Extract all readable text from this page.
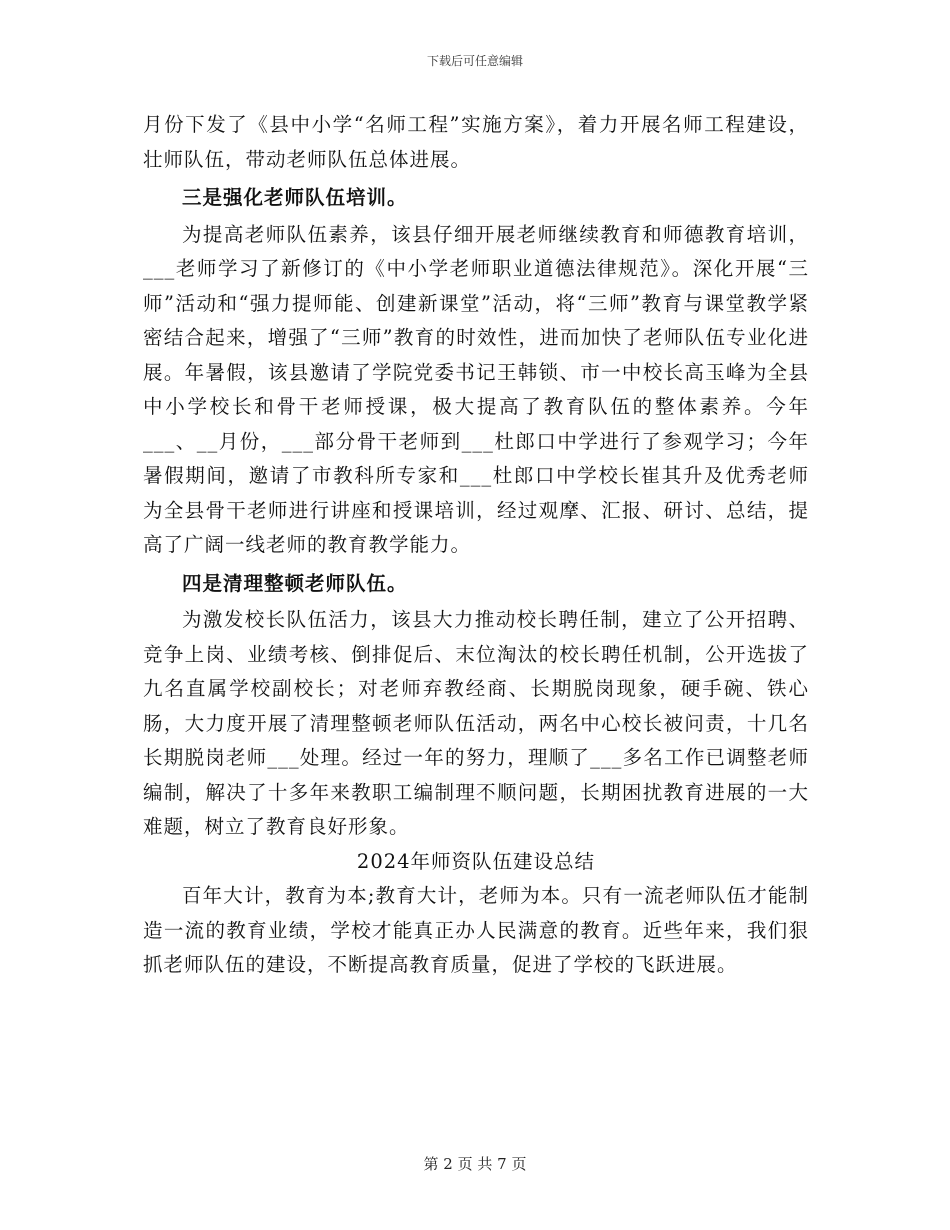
下载后可任意编辑

月份下发了《县中小学“名师工程”实施方案》，着力开展名师工程建设，壮师队伍，带动老师队伍总体进展。

三是强化老师队伍培训。

为提高老师队伍素养，该县仔细开展老师继续教育和师德教育培训，___老师学习了新修订的《中小学老师职业道德法律规范》。深化开展“三师”活动和“强力提师能、创建新课堂”活动，将“三师”教育与课堂教学紧密结合起来，增强了“三师”教育的时效性，进而加快了老师队伍专业化进展。年暑假，该县邀请了学院党委书记王韩锁、市一中校长高玉峰为全县中小学校长和骨干老师授课，极大提高了教育队伍的整体素养。今年___、__月份，___部分骨干老师到___杜郎口中学进行了参观学习；今年暑假期间，邀请了市教科所专家和___杜郎口中学校长崔其升及优秀老师为全县骨干老师进行讲座和授课培训，经过观摩、汇报、研讨、总结，提高了广阔一线老师的教育教学能力。

四是清理整顿老师队伍。

为激发校长队伍活力，该县大力推动校长聘任制，建立了公开招聘、竞争上岗、业绩考核、倒排促后、末位淘汰的校长聘任机制，公开选拔了九名直属学校副校长；对老师弃教经商、长期脱岗现象，硬手碗、铁心肠，大力度开展了清理整顿老师队伍活动，两名中心校长被问责，十几名长期脱岗老师___处理。经过一年的努力，理顺了___多名工作已调整老师编制，解决了十多年来教职工编制理不顺问题，长期困扰教育进展的一大难题，树立了教育良好形象。

2024年师资队伍建设总结

百年大计，教育为本;教育大计，老师为本。只有一流老师队伍才能制造一流的教育业绩，学校才能真正办人民满意的教育。近些年来，我们狠抓老师队伍的建设，不断提高教育质量，促进了学校的飞跃进展。

第 2 页 共 7 页
